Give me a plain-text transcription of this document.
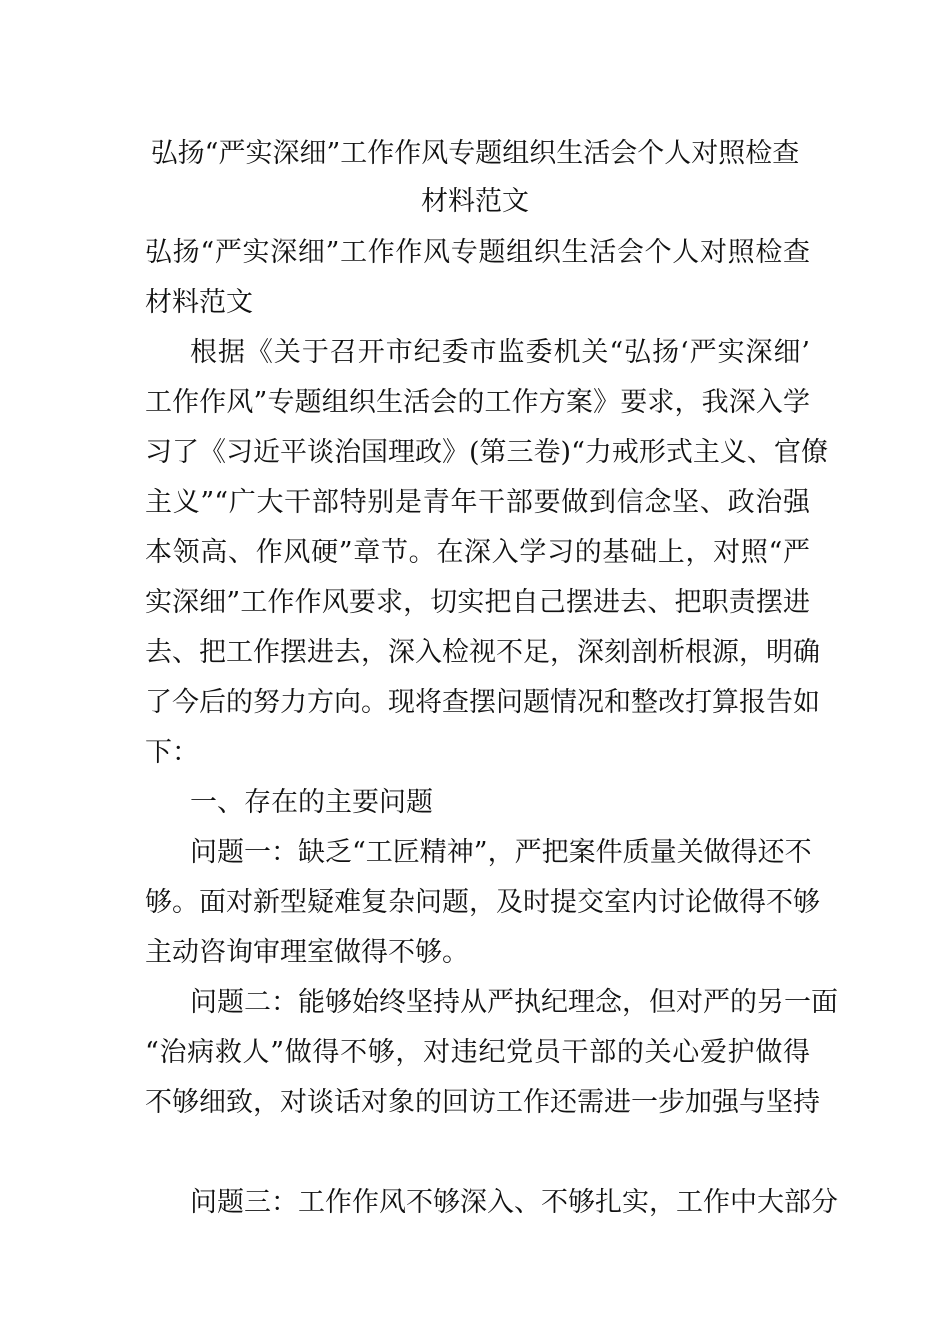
弘扬“严实深细”工作作风专题组织生活会个人对照检查
材料范文
弘扬“严实深细”工作作风专题组织生活会个人对照检查
材料范文
根据《关于召开市纪委市监委机关“弘扬‘严实深细’
工作作风”专题组织生活会的工作方案》要求，我深入学
习了《习近平谈治国理政》(第三卷)“力戒形式主义、官僚
主义”“广大干部特别是青年干部要做到信念坚、政治强
本领高、作风硬”章节。在深入学习的基础上，对照“严
实深细”工作作风要求，切实把自己摆进去、把职责摆进
去、把工作摆进去，深入检视不足，深刻剖析根源，明确
了今后的努力方向。现将查摆问题情况和整改打算报告如
下：
一、存在的主要问题
问题一：缺乏“工匠精神”，严把案件质量关做得还不
够。面对新型疑难复杂问题，及时提交室内讨论做得不够
主动咨询审理室做得不够。
问题二：能够始终坚持从严执纪理念，但对严的另一面
“治病救人”做得不够，对违纪党员干部的关心爱护做得
不够细致，对谈话对象的回访工作还需进一步加强与坚持
问题三：工作作风不够深入、不够扎实，工作中大部分
